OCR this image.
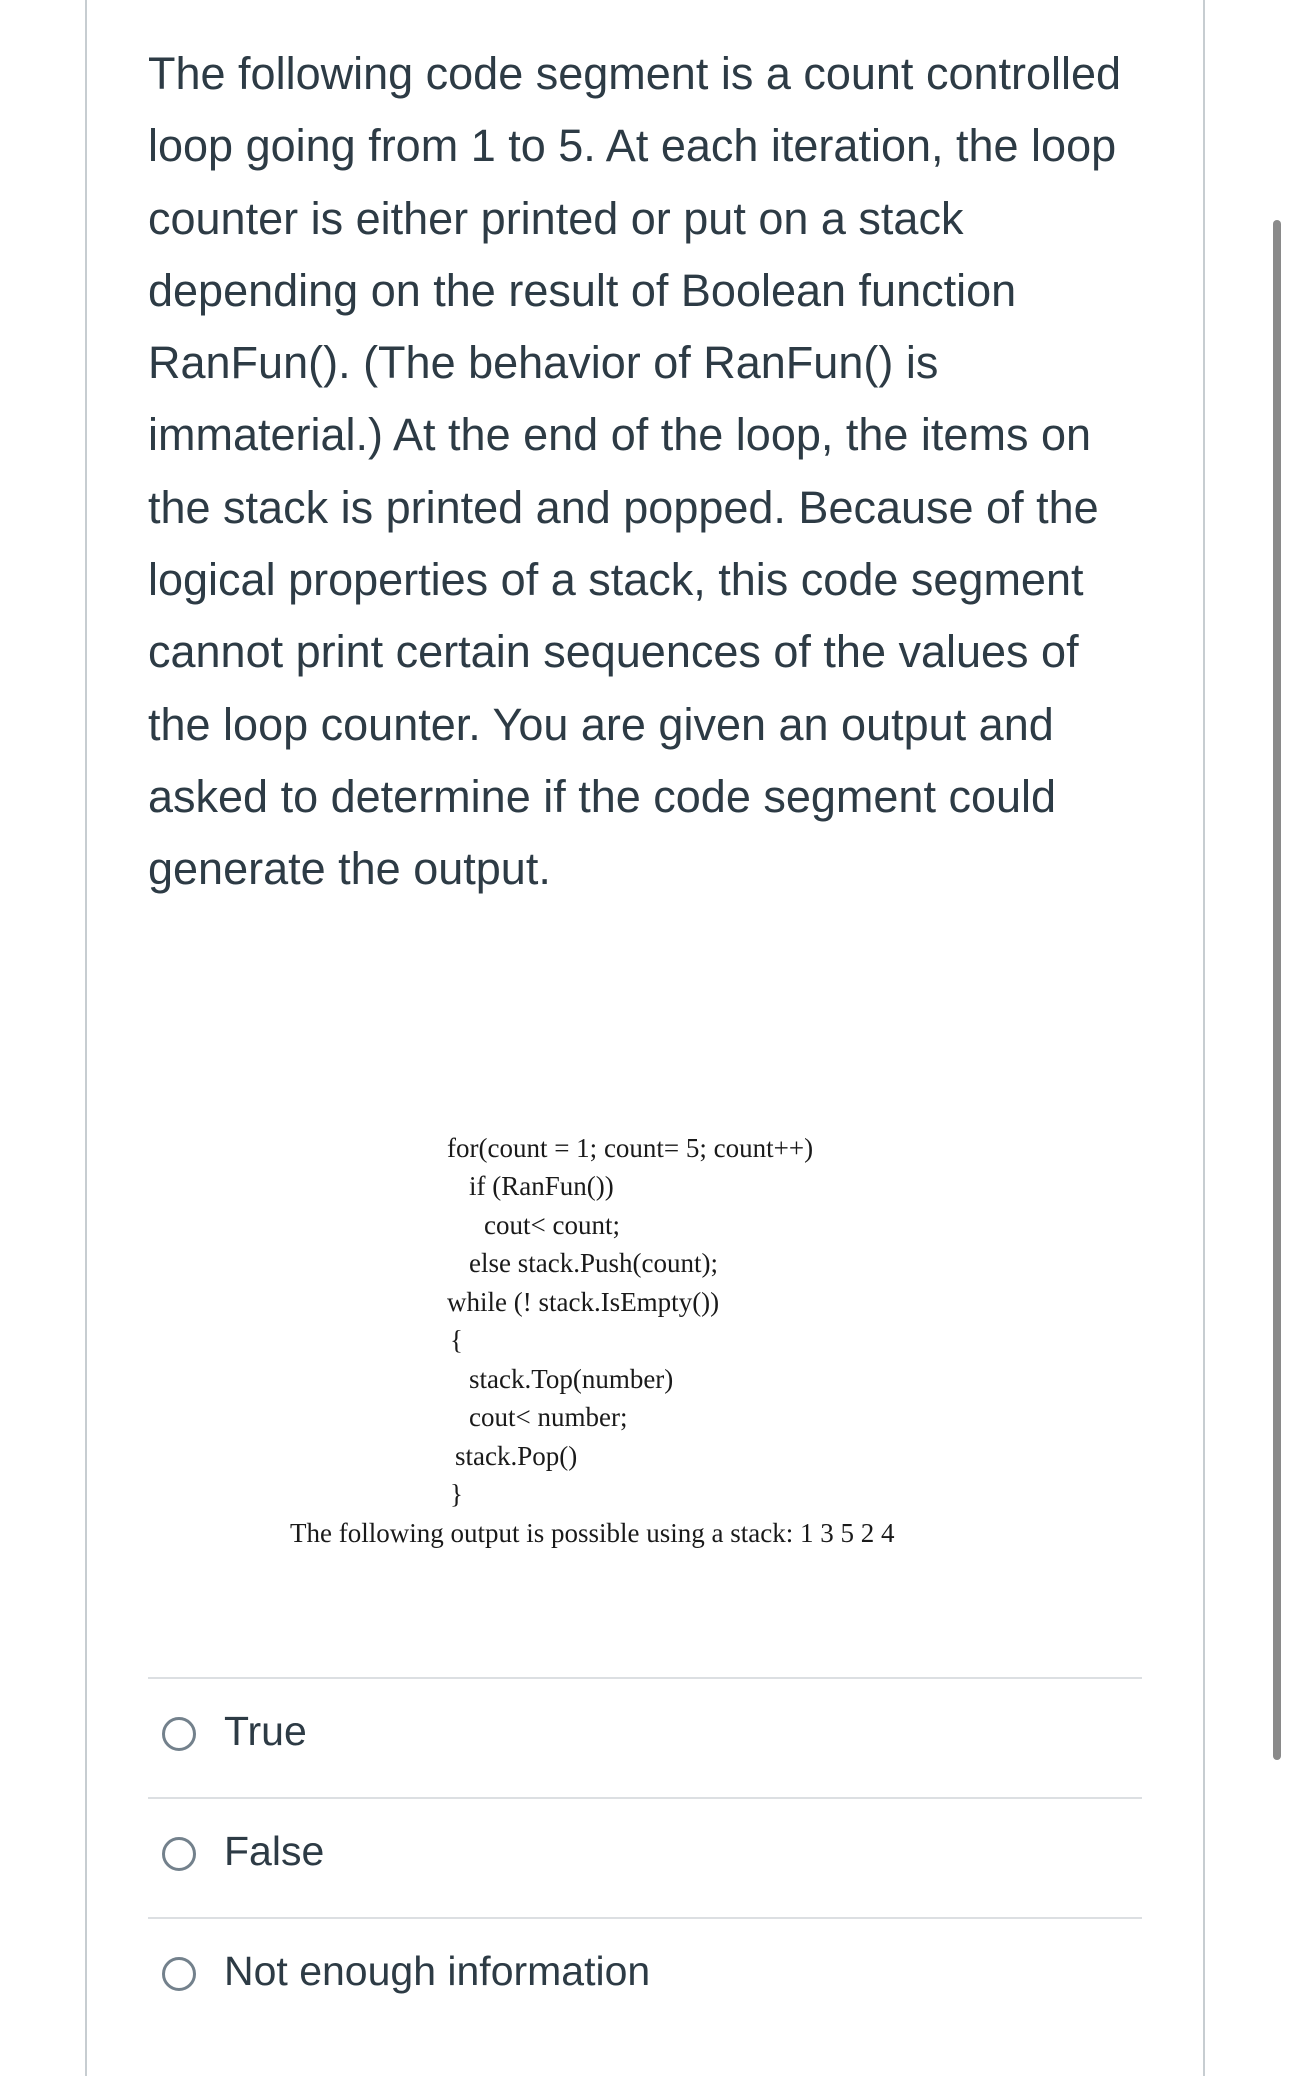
The following code segment is a count controlled loop going from 1 to 5. At each iteration, the loop counter is either printed or put on a stack depending on the result of Boolean function RanFun(). (The behavior of RanFun() is immaterial.) At the end of the loop, the items on the stack is printed and popped. Because of the logical properties of a stack, this code segment cannot print certain sequences of the values of the loop counter. You are given an output and asked to determine if the code segment could generate the output.

for(count = 1; count= 5; count++)
if (RanFun())
cout< count;
else stack.Push(count);
while (! stack.IsEmpty())
{
stack.Top(number)
cout< number;
stack.Pop()
}
The following output is possible using a stack: 1 3 5 2 4
True
False
Not enough information
